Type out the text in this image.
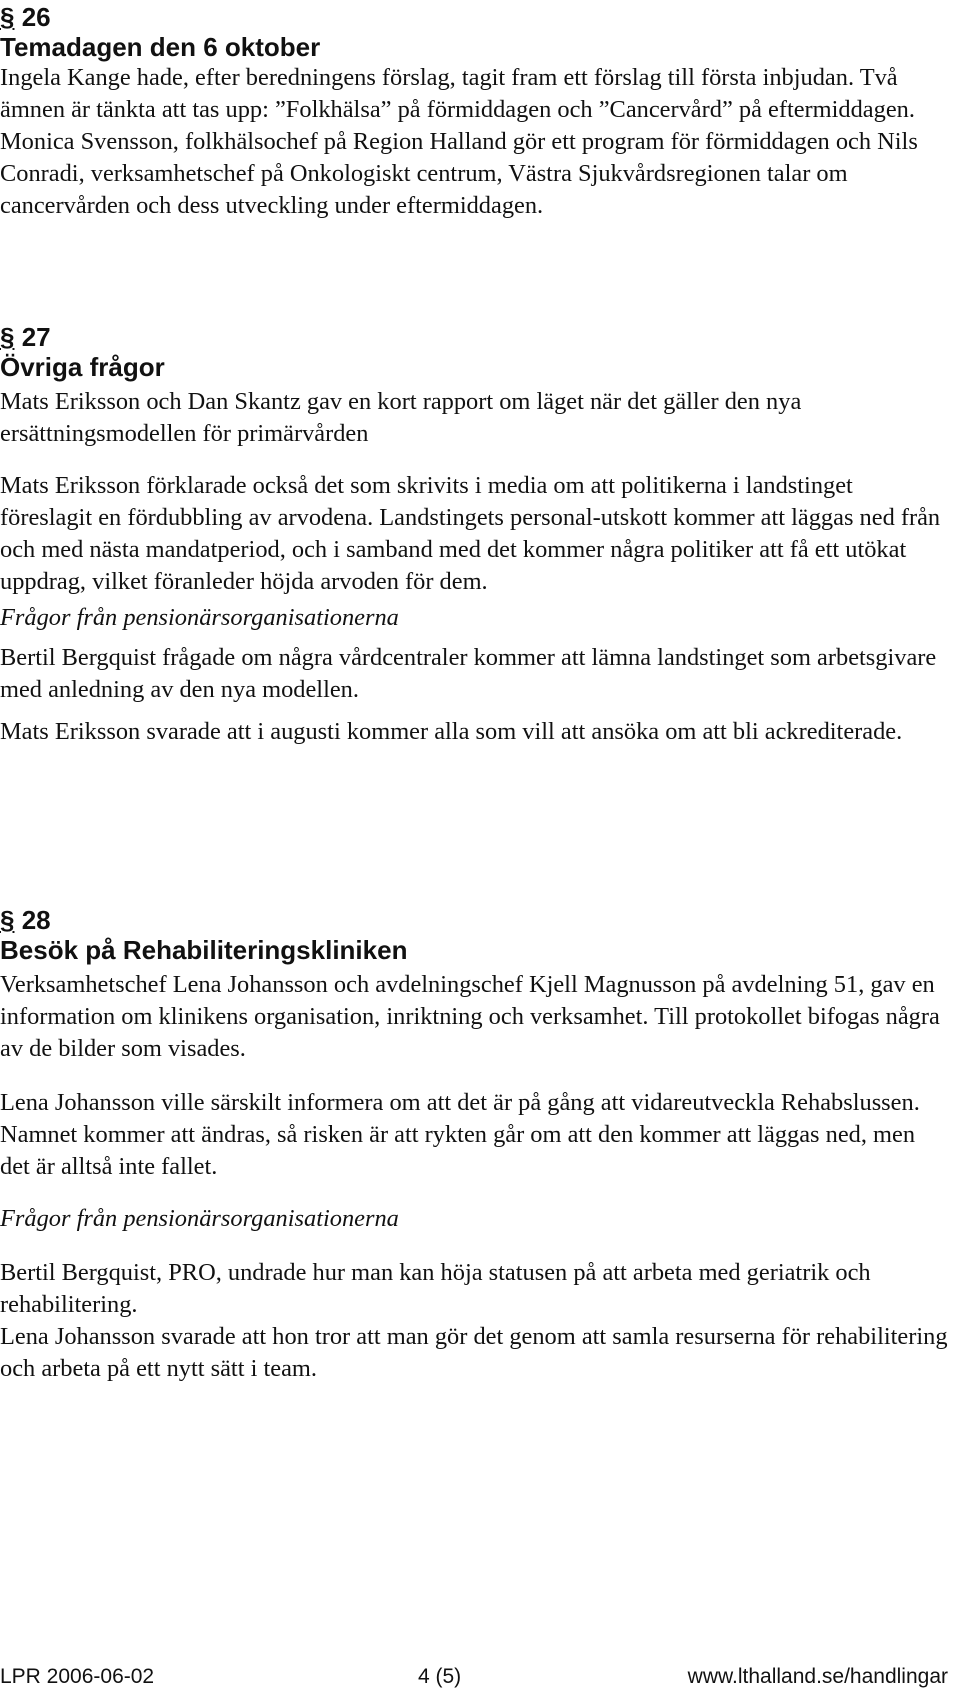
§ 26

Temadagen den 6 oktober

Ingela Kange hade, efter beredningens förslag, tagit fram ett förslag till första inbjudan. Två ämnen är tänkta att tas upp: ”Folkhälsa” på förmiddagen och ”Cancervård” på eftermiddagen. Monica Svensson, folkhälsochef på Region Halland gör ett program för förmiddagen och Nils Conradi, verksamhetschef på Onkologiskt centrum, Västra Sjukvårdsregionen talar om cancervården och dess utveckling under eftermiddagen.

§ 27

Övriga frågor

Mats Eriksson och Dan Skantz gav en kort rapport om läget när det gäller den nya ersättningsmodellen för primärvården

Mats Eriksson förklarade också det som skrivits i media om att politikerna i landstinget föreslagit en fördubbling av arvodena. Landstingets personal-utskott kommer att läggas ned från och med nästa mandatperiod, och i samband med det kommer några politiker att få ett utökat uppdrag, vilket föranleder höjda arvoden för dem.

Frågor från pensionärsorganisationerna

Bertil Bergquist frågade om några vårdcentraler kommer att lämna landstinget som arbetsgivare med anledning av den nya modellen.

Mats Eriksson svarade att i augusti kommer alla som vill att ansöka om att bli ackrediterade.

§ 28

Besök på Rehabiliteringskliniken

Verksamhetschef Lena Johansson och avdelningschef Kjell Magnusson på avdelning 51, gav en information om klinikens organisation, inriktning och verksamhet. Till protokollet bifogas några av de bilder som visades.

Lena Johansson ville särskilt informera om att det är på gång att vidareutveckla Rehabslussen. Namnet kommer att ändras, så risken är att rykten går om att den kommer att läggas ned, men det är alltså inte fallet.

Frågor från pensionärsorganisationerna

Bertil Bergquist, PRO, undrade hur man kan höja statusen på att arbeta med geriatrik och rehabilitering.

Lena Johansson svarade att hon tror att man gör det genom att samla resurserna för rehabilitering och arbeta på ett nytt sätt i team.

LPR 2006-06-02	4 (5)	www.lthalland.se/handlingar
